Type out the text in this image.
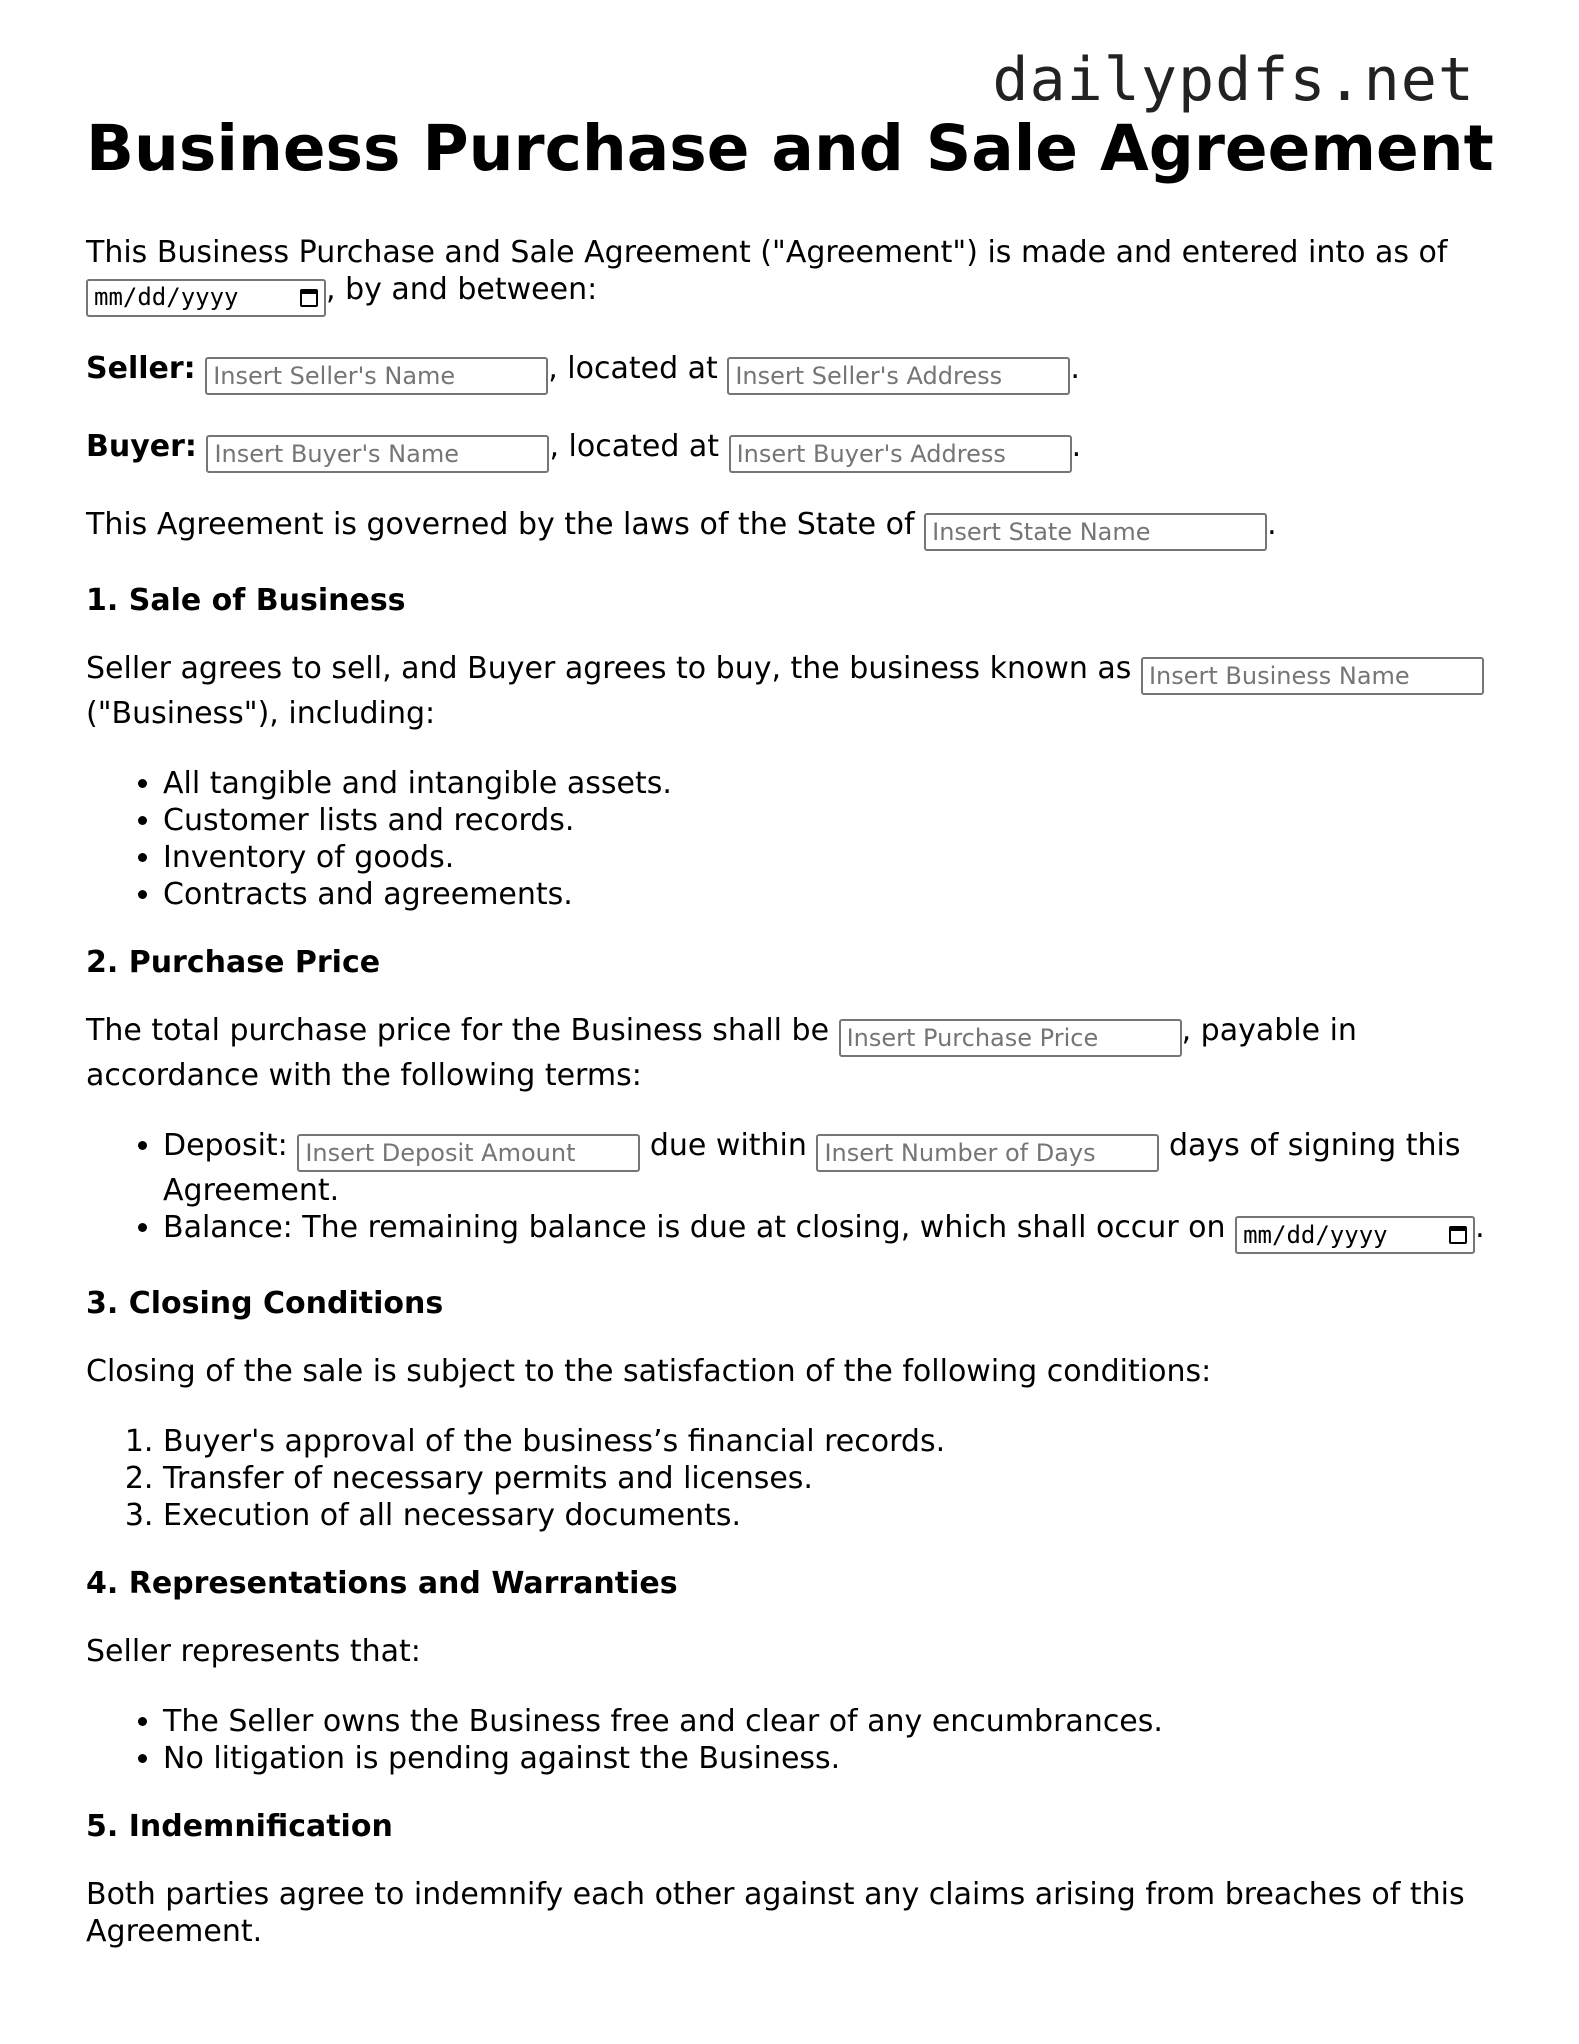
dailypdfs.net
Business Purchase and Sale Agreement

This Business Purchase and Sale Agreement ("Agreement") is made and entered into as of
mm/dd/yyyy	, by and between:

Seller: Insert Seller's Name	, located at Insert Seller's Address .

Buyer: Insert Buyer's Name	, located at Insert Buyer's Address .

This Agreement is governed by the laws of the State of Insert State Name	.

1. Sale of Business

Seller agrees to sell, and Buyer agrees to buy, the business known as Insert Business Name ("Business"), including:

• All tangible and intangible assets.
• Customer lists and records.
• Inventory of goods.
• Contracts and agreements.
2. Purchase Price

The total purchase price for the Business shall be Insert Purchase Price	, payable in accordance with the following terms:

• Deposit: Insert Deposit Amount due within Insert Number of Days days of signing this Agreement.
• Balance: The remaining balance is due at closing, which shall occur on mm/dd/yyyy	.
3. Closing Conditions

Closing of the sale is subject to the satisfaction of the following conditions:

1. Buyer's approval of the business’s financial records.
2. Transfer of necessary permits and licenses.
3. Execution of all necessary documents.
4. Representations and Warranties

Seller represents that:

• The Seller owns the Business free and clear of any encumbrances.
• No litigation is pending against the Business.
5. Indemnification

Both parties agree to indemnify each other against any claims arising from breaches of this Agreement.
